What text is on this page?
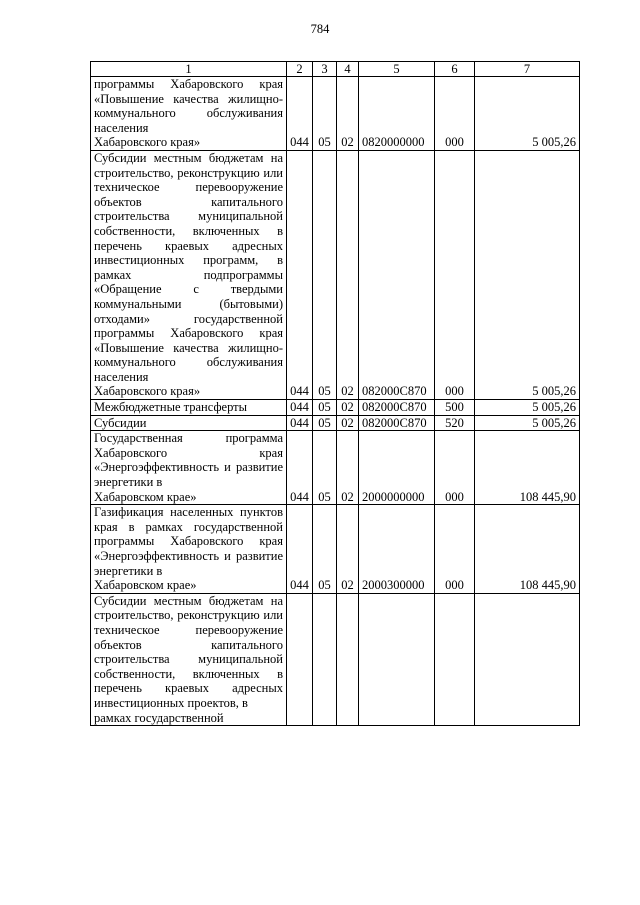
784
1	2	3	4	5	6	7
программы Хабаровского края «Повышение качества жилищно-коммунального обслуживания населения
Хабаровского края»	044	05	02	0820000000	000	5 005,26
Субсидии местным бюджетам на строительство, реконструкцию или техническое перевооружение объектов капитального строительства муниципальной собственности, включенных в перечень краевых адресных инвестиционных программ, в рамках подпрограммы «Обращение с твердыми коммунальными (бытовыми) отходами» государственной программы Хабаровского края «Повышение качества жилищно-коммунального обслуживания населения
Хабаровского края»	044	05	02	082000С870	000	5 005,26

Межбюджетные трансферты	044	05	02	082000С870	500	5 005,26

Субсидии	044	05	02	082000С870	520	5 005,26
Государственная программа Хабаровского края «Энергоэффективность и развитие энергетики в
Хабаровском крае»	044	05	02	2000000000	000	108 445,90
Газификация населенных пунктов края в рамках государственной программы Хабаровского края «Энергоэффективность и развитие энергетики в
Хабаровском крае»	044	05	02	2000300000	000	108 445,90
Субсидии местным бюджетам на строительство, реконструкцию или техническое перевооружение объектов капитального строительства муниципальной собственности, включенных в перечень краевых адресных инвестиционных проектов, в
рамках государственной						
